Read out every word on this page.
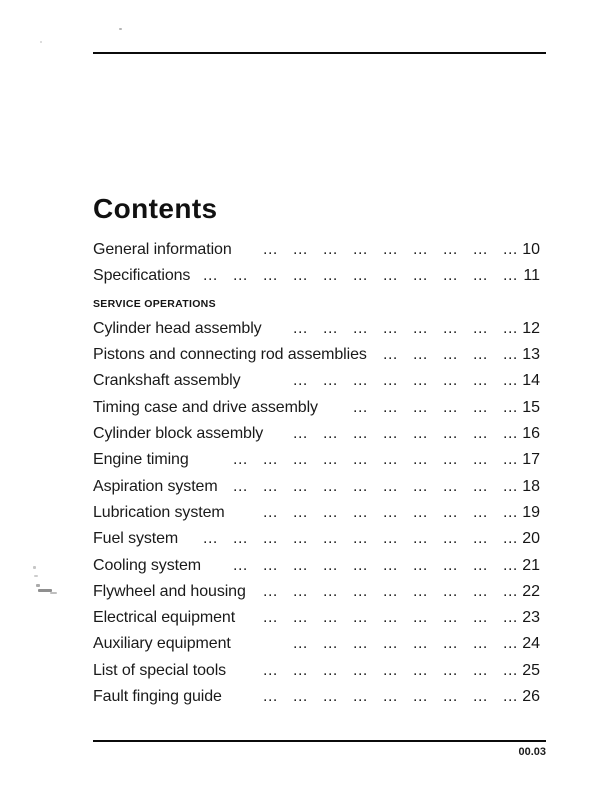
Contents
General information	10
... ... ... ... ... ... ... ... ...
Specifications	11
... ... ... ... ... ... ... ... ... ... ...
SERVICE OPERATIONS
Cylinder head assembly	12
... ... ... ... ... ... ... ...
Pistons and connecting rod assemblies	13
... ... ... ... ...
Crankshaft assembly	14
... ... ... ... ... ... ... ...
Timing case and drive assembly	15
... ... ... ... ... ...
Cylinder block assembly	16
... ... ... ... ... ... ... ...
Engine timing	17
... ... ... ... ... ... ... ... ... ...
Aspiration system	18
... ... ... ... ... ... ... ... ... ...
Lubrication system	19
... ... ... ... ... ... ... ... ...
Fuel system	20
... ... ... ... ... ... ... ... ... ... ...
Cooling system	21
... ... ... ... ... ... ... ... ... ...
Flywheel and housing	22
... ... ... ... ... ... ... ... ...
Electrical equipment	23
... ... ... ... ... ... ... ... ...
Auxiliary equipment	24
... ... ... ... ... ... ... ...
List of special tools	25
... ... ... ... ... ... ... ... ...
Fault finging guide	26
... ... ... ... ... ... ... ... ...
00.03
